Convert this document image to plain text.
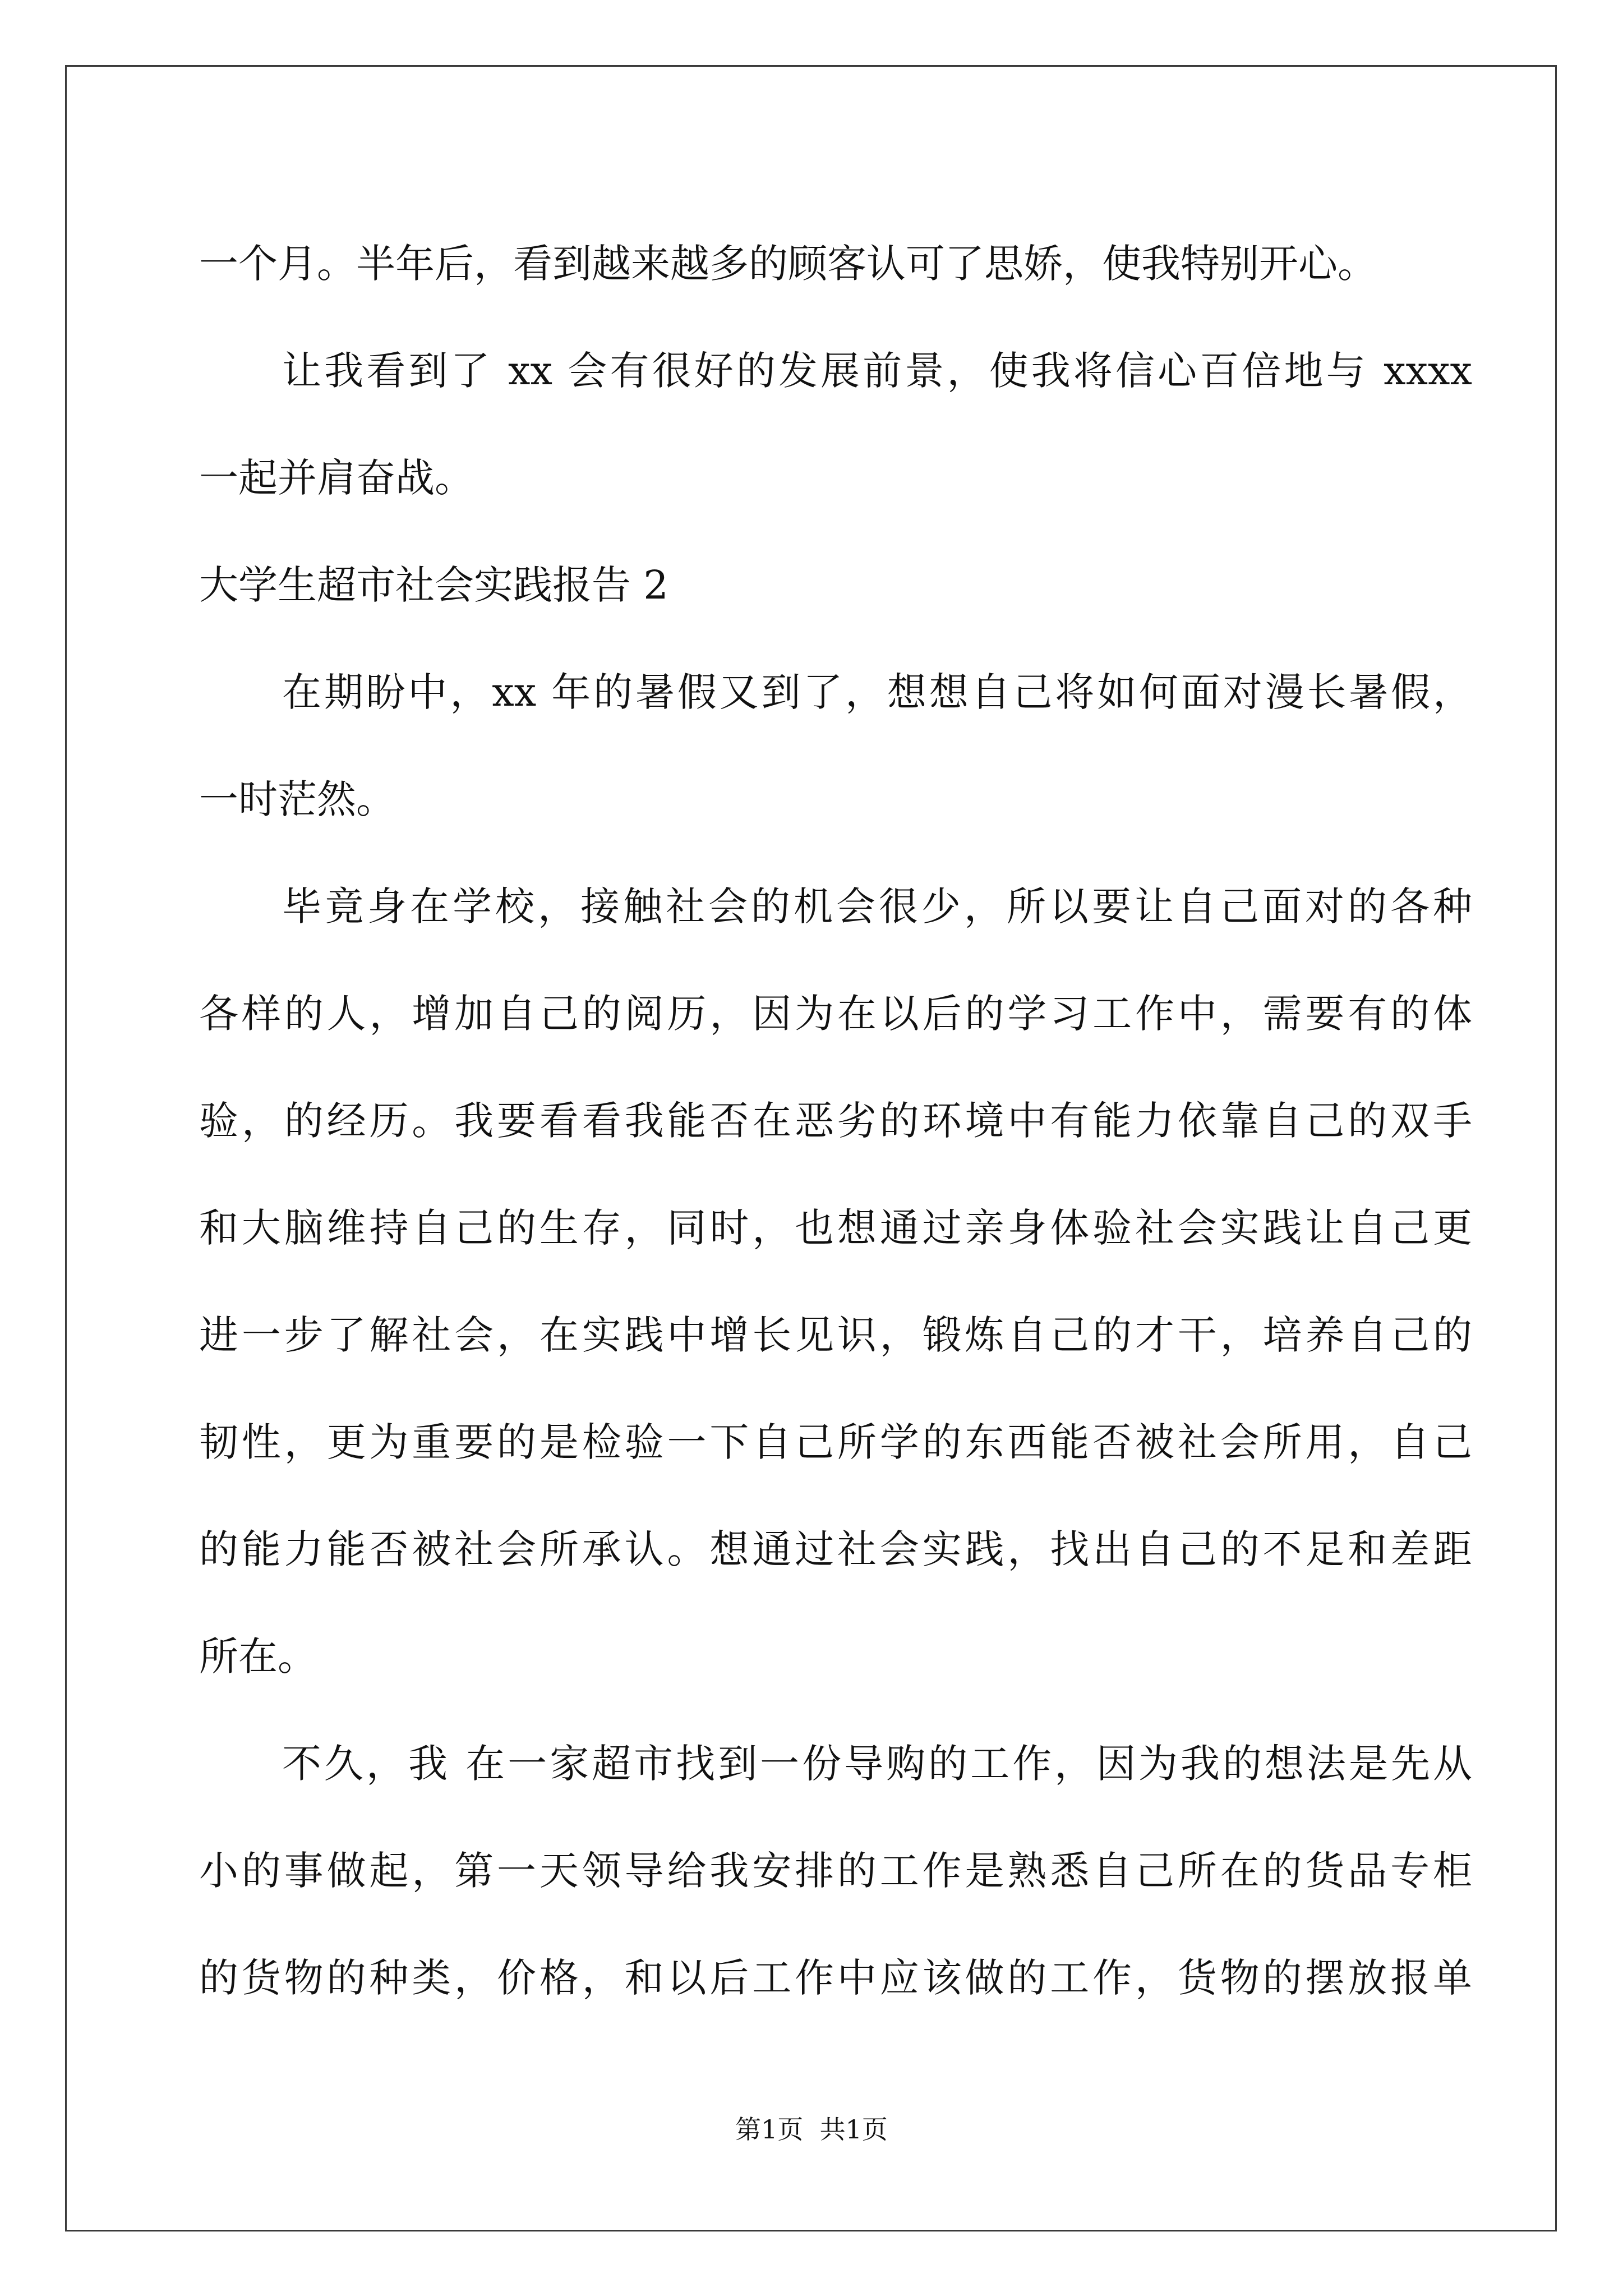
一个月。半年后，看到越来越多的顾客认可了思娇，使我特别开心。
让我看到了 xx 会有很好的发展前景，使我将信心百倍地与 xxxx
一起并肩奋战。
大学生超市社会实践报告 2
在期盼中，xx 年的暑假又到了，想想自己将如何面对漫长暑假，
一时茫然。
毕竟身在学校，接触社会的机会很少，所以要让自己面对的各种
各样的人，增加自己的阅历，因为在以后的学习工作中，需要有的体
验，的经历。我要看看我能否在恶劣的环境中有能力依靠自己的双手
和大脑维持自己的生存，同时，也想通过亲身体验社会实践让自己更
进一步了解社会，在实践中增长见识，锻炼自己的才干，培养自己的
韧性，更为重要的是检验一下自己所学的东西能否被社会所用，自己
的能力能否被社会所承认。想通过社会实践，找出自己的不足和差距
所在。
不久，我 在一家超市找到一份导购的工作，因为我的想法是先从
小的事做起，第一天领导给我安排的工作是熟悉自己所在的货品专柜
的货物的种类，价格，和以后工作中应该做的工作，货物的摆放报单
第1页  共1页
